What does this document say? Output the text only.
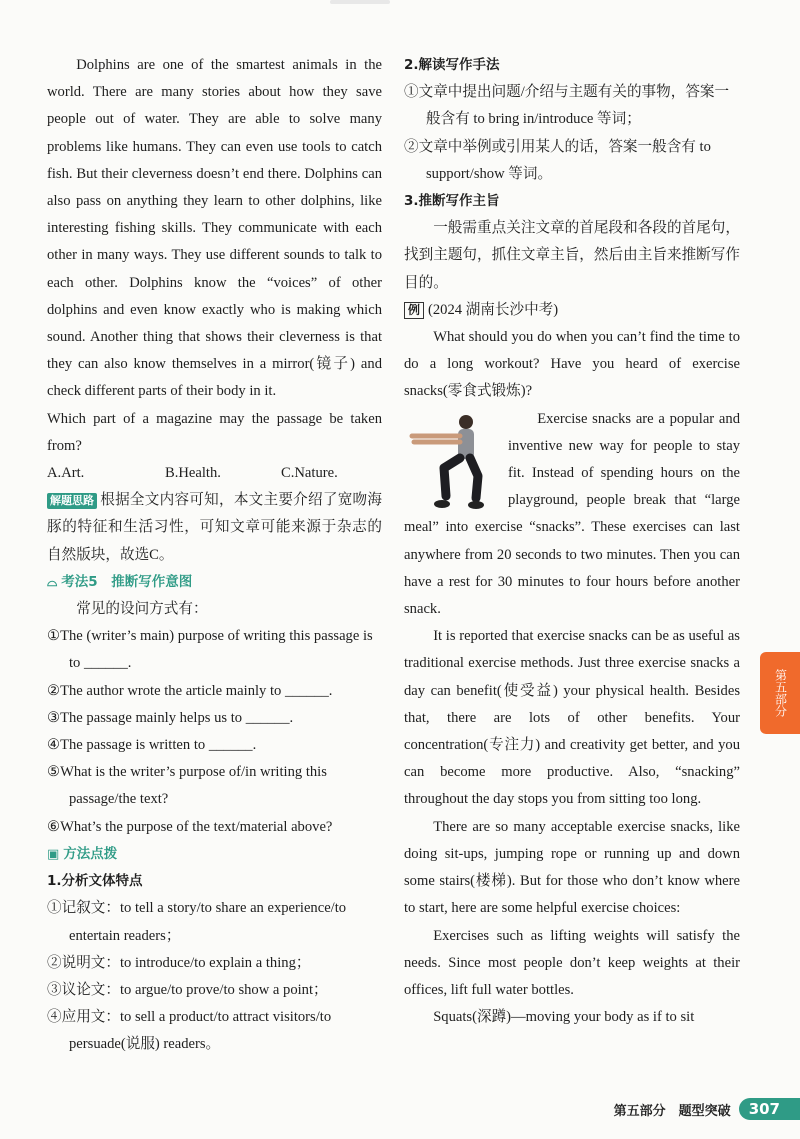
Dolphins are one of the smartest animals in the world. There are many stories about how they save people out of water. They are able to solve many problems like humans. They can even use tools to catch fish. But their cleverness doesn’t end there. Dolphins can also pass on anything they learn to other dolphins, like interesting fishing skills. They communicate with each other in many ways. They use different sounds to talk to each other. Dolphins know the “voices” of other dolphins and even know exactly who is making which sound. Another thing that shows their cleverness is that they can also know themselves in a mirror(镜子) and check different parts of their body in it.

Which part of a magazine may the passage be taken from?

A.Art.	B.Health.	C.Nature.

解题思路 根据全文内容可知，本文主要介绍了宽吻海豚的特征和生活习性，可知文章可能来源于杂志的自然版块，故选C。

⌓ 考法5　推断写作意图

常见的设问方式有：

①The (writer’s main) purpose of writing this passage is to ______.

②The author wrote the article mainly to ______.

③The passage mainly helps us to ______.

④The passage is written to ______.

⑤What is the writer’s purpose of/in writing this passage/the text?

⑥What’s the purpose of the text/material above?

▣ 方法点拨

1.分析文体特点

①记叙文：to tell a story/to share an experience/to entertain readers；

②说明文：to introduce/to explain a thing；

③议论文：to argue/to prove/to show a point；

④应用文：to sell a product/to attract visitors/to persuade(说服) readers。

2.解读写作手法

①文章中提出问题/介绍与主题有关的事物，答案一般含有 to bring in/introduce 等词；

②文章中举例或引用某人的话，答案一般含有 to support/show 等词。

3.推断写作主旨

一般需重点关注文章的首尾段和各段的首尾句，找到主题句，抓住文章主旨，然后由主旨来推断写作目的。

例 (2024 湖南长沙中考)

What should you do when you can’t find the time to do a long workout? Have you heard of exercise snacks(零食式锻炼)?

Exercise snacks are a popular and inventive new way for people to stay fit. Instead of spending hours on the playground, people break that “large meal” into exercise “snacks”. These exercises can last anywhere from 20 seconds to two minutes. Then you can have a rest for 30 minutes to four hours before another snack.

It is reported that exercise snacks can be as useful as traditional exercise methods. Just three exercise snacks a day can benefit(使受益) your physical health. Besides that, there are lots of other benefits. Your concentration(专注力) and creativity get better, and you can become more productive. Also, “snacking” throughout the day stops you from sitting too long.

There are so many acceptable exercise snacks, like doing sit-ups, jumping rope or running up and down some stairs(楼梯). But for those who don’t know where to start, here are some helpful exercise choices:

Exercises such as lifting weights will satisfy the needs. Since most people don’t keep weights at their offices, lift full water bottles.

Squats(深蹲)—moving your body as if to sit

第五部分
第五部分　题型突破	307
